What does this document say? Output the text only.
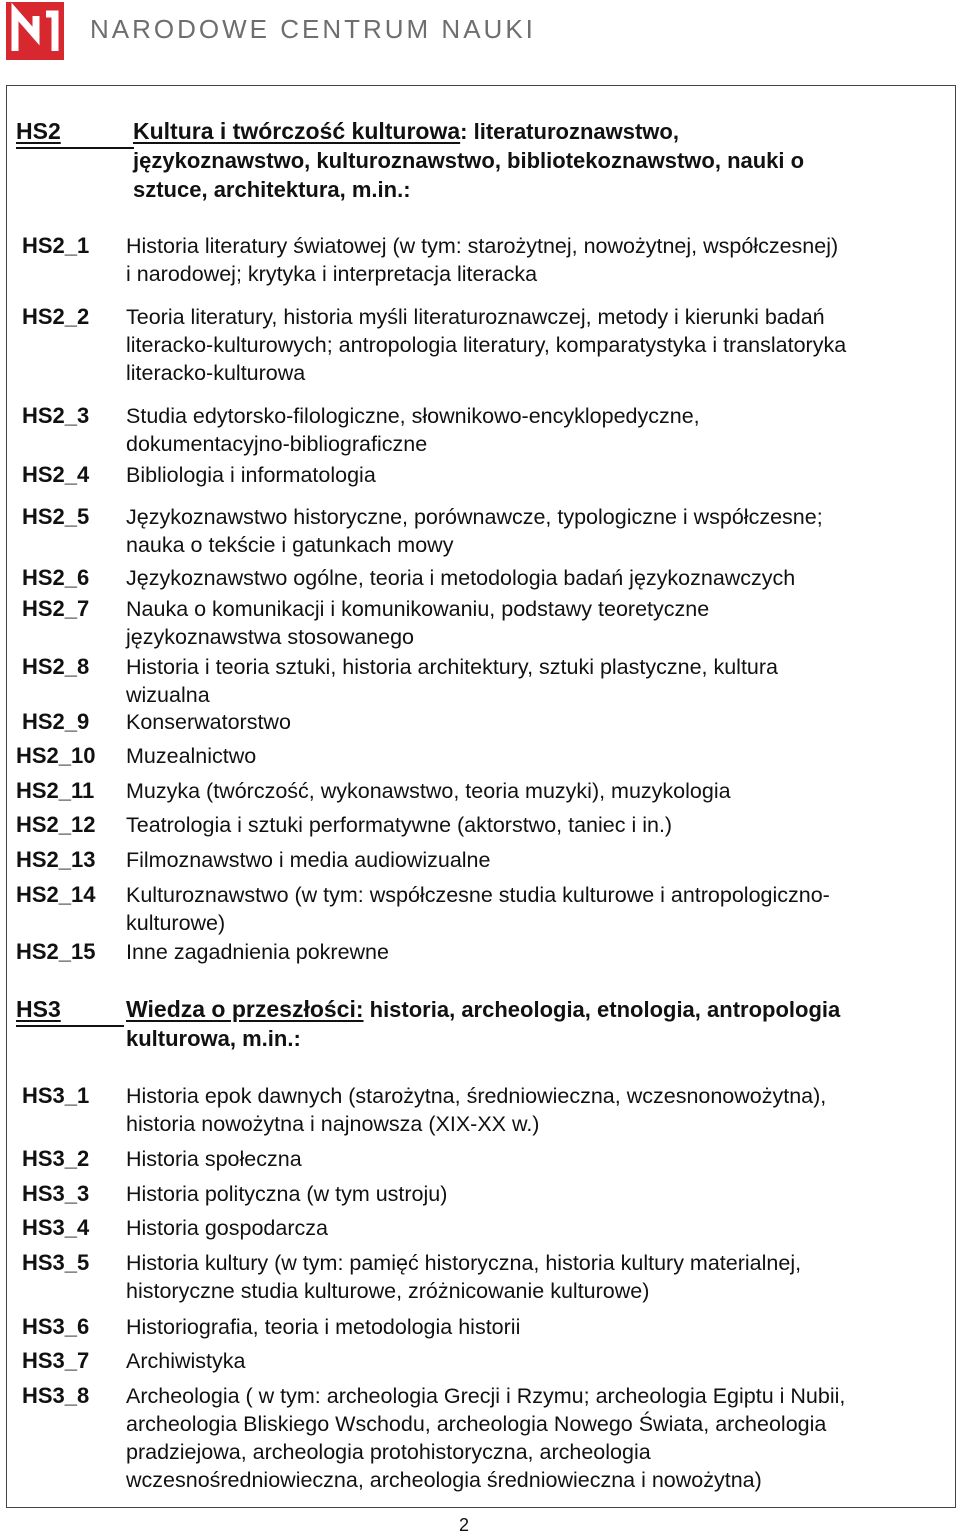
NARODOWE CENTRUM NAUKI
HS2	Kultura i twórczość kulturowa: literaturoznawstwo,
językoznawstwo, kulturoznawstwo, bibliotekoznawstwo, nauki o
sztuce, architektura, m.in.:
HS2_1 Historia literatury światowej (w tym: starożytnej, nowożytnej, współczesnej)
i narodowej; krytyka i interpretacja literacka
HS2_2 Teoria literatury, historia myśli literaturoznawczej, metody i kierunki badań
literacko-kulturowych; antropologia literatury, komparatystyka i translatoryka
literacko-kulturowa
HS2_3 Studia edytorsko-filologiczne, słownikowo-encyklopedyczne,
dokumentacyjno-bibliograficzne
HS2_4 Bibliologia i informatologia
HS2_5 Językoznawstwo historyczne, porównawcze, typologiczne i współczesne;
nauka o tekście i gatunkach mowy
HS2_6 Językoznawstwo ogólne, teoria i metodologia badań językoznawczych
HS2_7 Nauka o komunikacji i komunikowaniu, podstawy teoretyczne
językoznawstwa stosowanego
HS2_8 Historia i teoria sztuki, historia architektury, sztuki plastyczne, kultura
wizualna
HS2_9 Konserwatorstwo
HS2_10 Muzealnictwo
HS2_11 Muzyka (twórczość, wykonawstwo, teoria muzyki), muzykologia
HS2_12 Teatrologia i sztuki performatywne (aktorstwo, taniec i in.)
HS2_13 Filmoznawstwo i media audiowizualne
HS2_14 Kulturoznawstwo (w tym: współczesne studia kulturowe i antropologiczno-
kulturowe)
HS2_15 Inne zagadnienia pokrewne
HS3	Wiedza o przeszłości: historia, archeologia, etnologia, antropologia
kulturowa, m.in.:
HS3_1 Historia epok dawnych (starożytna, średniowieczna, wczesnonowożytna),
historia nowożytna i najnowsza (XIX-XX w.)
HS3_2 Historia społeczna
HS3_3 Historia polityczna (w tym ustroju)
HS3_4 Historia gospodarcza
HS3_5 Historia kultury (w tym: pamięć historyczna, historia kultury materialnej,
historyczne studia kulturowe, zróżnicowanie kulturowe)
HS3_6 Historiografia, teoria i metodologia historii
HS3_7 Archiwistyka
HS3_8 Archeologia ( w tym: archeologia Grecji i Rzymu; archeologia Egiptu i Nubii,
archeologia Bliskiego Wschodu, archeologia Nowego Świata, archeologia
pradziejowa, archeologia protohistoryczna, archeologia
wczesnośredniowieczna, archeologia średniowieczna i nowożytna)
2
